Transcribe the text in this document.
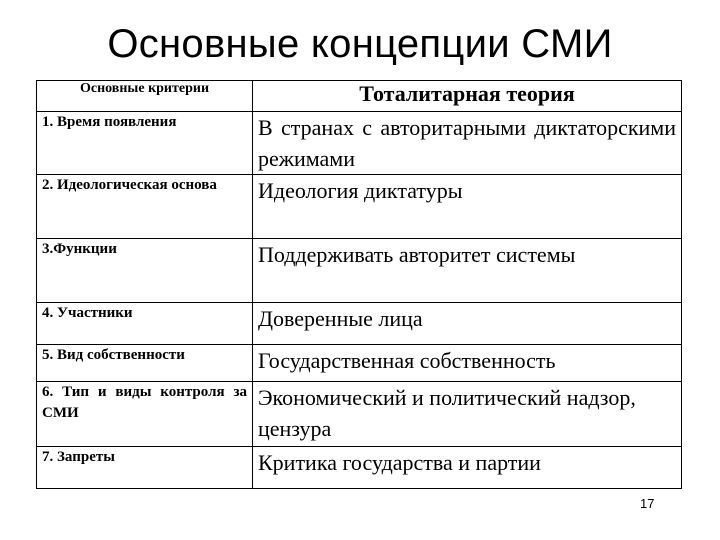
Основные концепции СМИ
Основные критерии	Тоталитарная теория
1. Время появления	В странах с авторитарными диктаторскими режимами
2. Идеологическая основа	Идеология диктатуры
3.Функции	Поддерживать авторитет системы
4. Участники	Доверенные лица
5. Вид собственности	Государственная собственность
6. Тип и виды контроля за СМИ	Экономический и политический надзор, цензура
7. Запреты	Критика государства и партии
17
